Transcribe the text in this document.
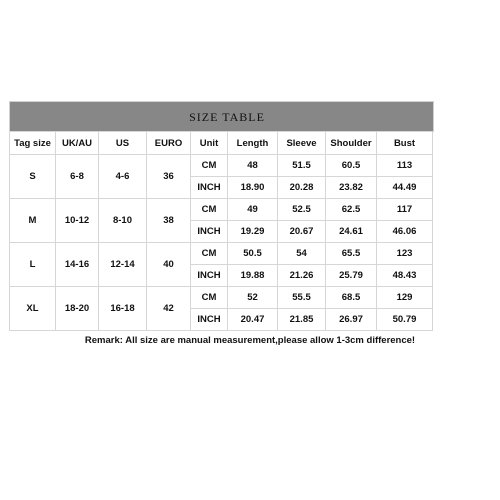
SIZE TABLE
Tag size	UK/AU	US	EURO	Unit	Length	Sleeve	Shoulder	Bust
S	6-8	4-6	36	CM	48	51.5	60.5	113
				INCH	18.90	20.28	23.82	44.49
M	10-12	8-10	38	CM	49	52.5	62.5	117
				INCH	19.29	20.67	24.61	46.06
L	14-16	12-14	40	CM	50.5	54	65.5	123
				INCH	19.88	21.26	25.79	48.43
XL	18-20	16-18	42	CM	52	55.5	68.5	129
				INCH	20.47	21.85	26.97	50.79
Remark: All size are manual measurement,please allow 1-3cm difference!
